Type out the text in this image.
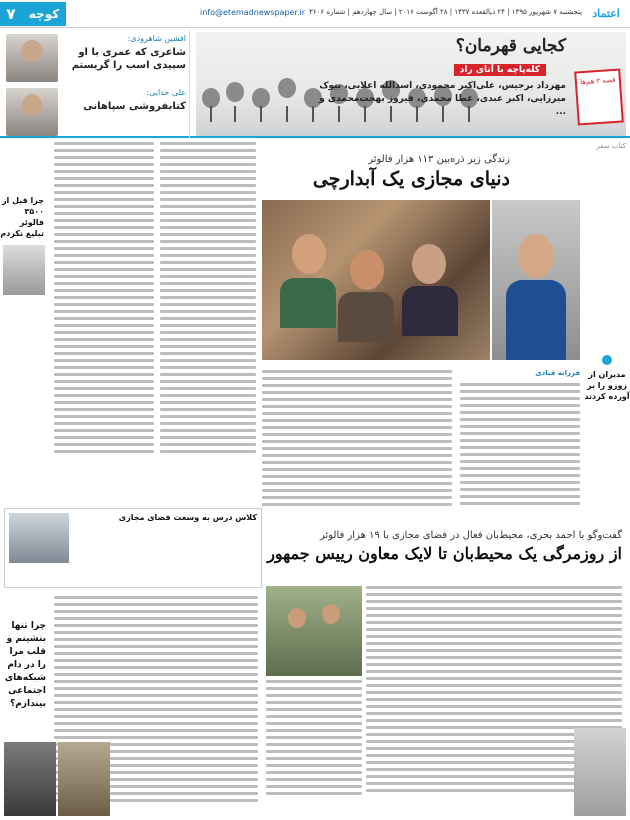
۷	کوچه	info@etemadnewspaper.ir پنجشنبه ۷ شهریور ۱۳۹۵ | ۲۴ ذیالقعده ۱۴۳۷ | ۲۸ آگوست ۲۰۱۶ | سال چهاردهم | شماره ۳۶۰۶ اعتماد
افشین شاهرودی:
شاعری که عمری با او سپیدی اسب را گریستم
علی خدایی:
کتابفروشی سپاهانی
کجایی قهرمان؟
کله‌پاچه با آتای راد
مهرداد برجیس، علی‌اکبر محمودی، اسدالله اعلایی، بیوک میرزایی، اکبر عبدی، عطا محمدی، فیروز بهجت‌محمدی و ...
قصه ۲ هم‌ها
کتاب سفر
زندگی زیر ذره‌بین ۱۱۳ هزار فالوئر
دنیای مجازی یک آبدارچی
فرزانه قبادی	مدیران از زوزو را بر آورده کردند
چرا قبل از ۳۵۰۰ فالوئر تبلیغ نکردم
کلاس درس به وسعت فضای مجازی
گفت‌وگو با احمد بحری، محیط‌بان فعال در فضای مجازی با ۱۹ هزار فالوئر
از روزمرگی یک محیط‌بان تا لایک معاون رییس جمهور
چرا تنها بنشینم و قلب مرا را در دام شبکه‌های اجتماعی بیندازم؟
